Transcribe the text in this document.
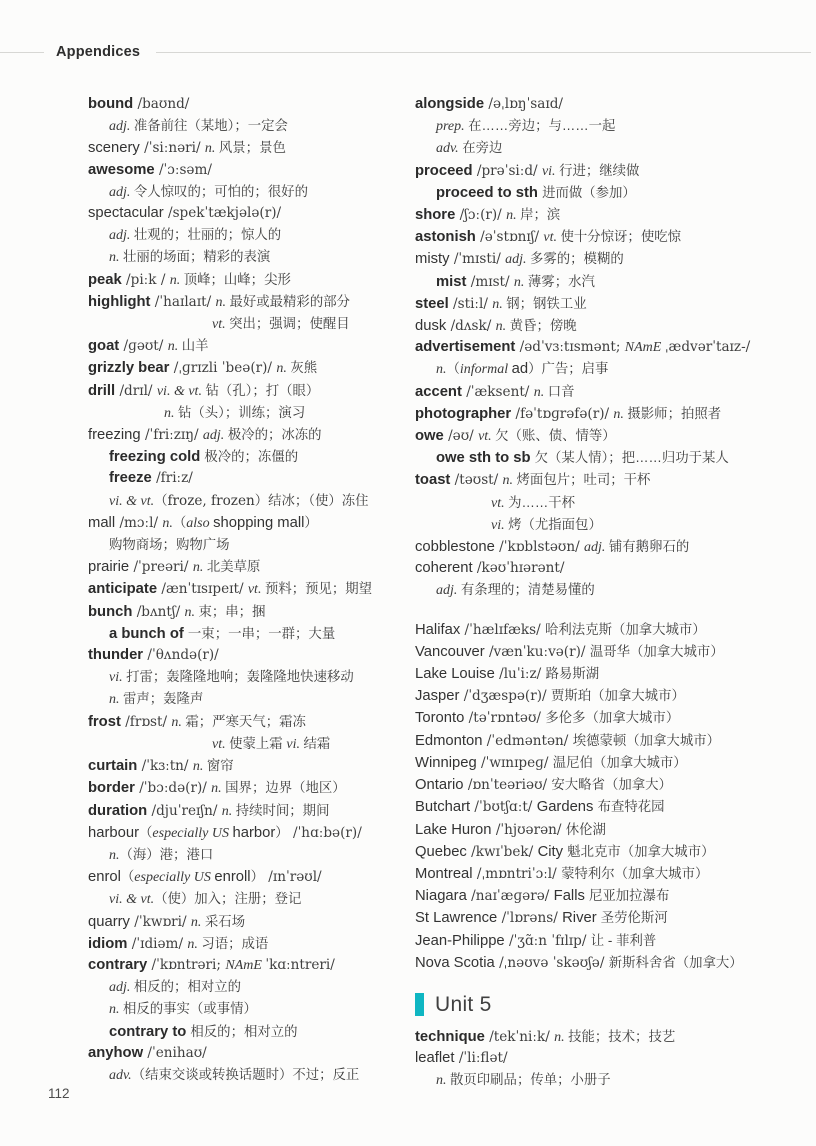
Appendices
bound /baʊnd/
adj. 准备前往（某地）；一定会
scenery /ˈsiːnəri/ n. 风景；景色
awesome /ˈɔːsəm/
adj. 令人惊叹的；可怕的；很好的
spectacular /spekˈtækjələ(r)/
adj. 壮观的；壮丽的；惊人的
n. 壮丽的场面；精彩的表演
peak /piːk / n. 顶峰；山峰；尖形
highlight /ˈhaɪlaɪt/ n. 最好或最精彩的部分
vt. 突出；强调；使醒目
goat /ɡəʊt/ n. 山羊
grizzly bear /ˌɡrɪzli ˈbeə(r)/ n. 灰熊
drill /drɪl/ vi. & vt. 钻（孔）；打（眼）
n. 钻（头）；训练；演习
freezing /ˈfriːzɪŋ/ adj. 极冷的；冰冻的
freezing cold 极冷的；冻僵的
freeze /friːz/
vi. & vt.（froze, frozen）结冰；（使）冻住
mall /mɔːl/ n.（also shopping mall）
购物商场；购物广场
prairie /ˈpreəri/ n. 北美草原
anticipate /ænˈtɪsɪpeɪt/ vt. 预料；预见；期望
bunch /bʌntʃ/ n. 束；串；捆
a bunch of 一束；一串；一群；大量
thunder /ˈθʌndə(r)/
vi. 打雷；轰隆隆地响；轰隆隆地快速移动
n. 雷声；轰隆声
frost /frɒst/ n. 霜；严寒天气；霜冻
vt. 使蒙上霜 vi. 结霜
curtain /ˈkɜːtn/ n. 窗帘
border /ˈbɔːdə(r)/ n. 国界；边界（地区）
duration /djuˈreɪʃn/ n. 持续时间；期间
harbour（especially US harbor） /ˈhɑːbə(r)/
n.（海）港；港口
enrol（especially US enroll） /ɪnˈrəʊl/
vi. & vt.（使）加入；注册；登记
quarry /ˈkwɒri/ n. 采石场
idiom /ˈɪdiəm/ n. 习语；成语
contrary /ˈkɒntrəri; NAmE ˈkɑːntreri/
adj. 相反的；相对立的
n. 相反的事实（或事情）
contrary to 相反的；相对立的
anyhow /ˈenihaʊ/
adv.（结束交谈或转换话题时）不过；反正
alongside /əˌlɒŋˈsaɪd/
prep. 在……旁边；与……一起
adv. 在旁边
proceed /prəˈsiːd/ vi. 行进；继续做
proceed to sth 进而做（参加）
shore /ʃɔː(r)/ n. 岸；滨
astonish /əˈstɒnɪʃ/ vt. 使十分惊讶；使吃惊
misty /ˈmɪsti/ adj. 多雾的；模糊的
mist /mɪst/ n. 薄雾；水汽
steel /stiːl/ n. 钢；钢铁工业
dusk /dʌsk/ n. 黄昏；傍晚
advertisement /ədˈvɜːtɪsmənt; NAmE ˌædvərˈtaɪz-/
n.（informal ad）广告；启事
accent /ˈæksent/ n. 口音
photographer /fəˈtɒɡrəfə(r)/ n. 摄影师；拍照者
owe /əʊ/ vt. 欠（账、债、情等）
owe sth to sb 欠（某人情）；把……归功于某人
toast /təʊst/ n. 烤面包片；吐司；干杯
vt. 为……干杯
vi. 烤（尤指面包）
cobblestone /ˈkɒblstəʊn/ adj. 铺有鹅卵石的
coherent /kəʊˈhɪərənt/
adj. 有条理的；清楚易懂的
Halifax /ˈhælɪfæks/ 哈利法克斯（加拿大城市）
Vancouver /vænˈkuːvə(r)/ 温哥华（加拿大城市）
Lake Louise /luˈiːz/ 路易斯湖
Jasper /ˈdʒæspə(r)/ 贾斯珀（加拿大城市）
Toronto /təˈrɒntəʊ/ 多伦多（加拿大城市）
Edmonton /ˈedməntən/ 埃德蒙顿（加拿大城市）
Winnipeg /ˈwɪnɪpeɡ/ 温尼伯（加拿大城市）
Ontario /ɒnˈteəriəʊ/ 安大略省（加拿大）
Butchart /ˈbʊtʃɑːt/ Gardens 布查特花园
Lake Huron /ˈhjʊərən/ 休伦湖
Quebec /kwɪˈbek/ City 魁北克市（加拿大城市）
Montreal /ˌmɒntriˈɔːl/ 蒙特利尔（加拿大城市）
Niagara /naɪˈæɡərə/ Falls 尼亚加拉瀑布
St Lawrence /ˈlɒrəns/ River 圣劳伦斯河
Jean-Philippe /ˈʒɑ̃ːn ˈfɪlɪp/ 让 - 菲利普
Nova Scotia /ˌnəʊvə ˈskəʊʃə/ 新斯科舍省（加拿大）
Unit 5
technique /tekˈniːk/ n. 技能；技术；技艺
leaflet /ˈliːflət/
n. 散页印刷品；传单；小册子
112
